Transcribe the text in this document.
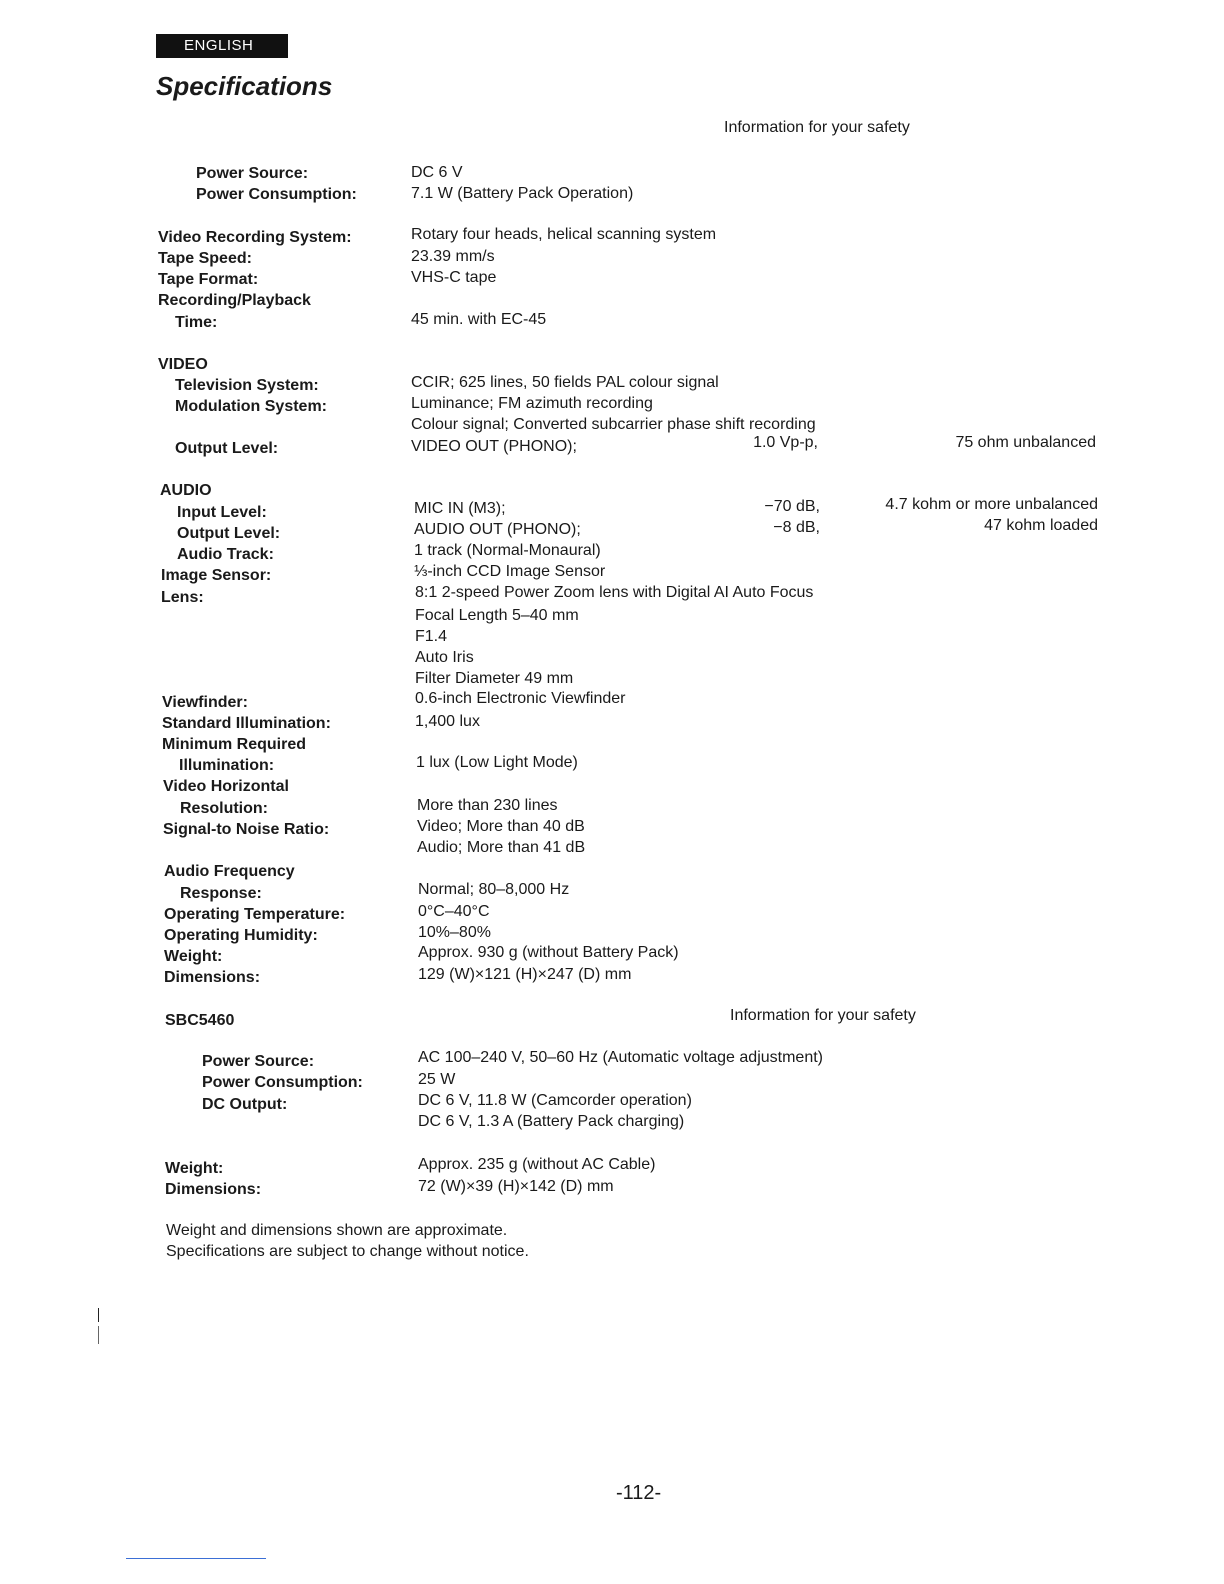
ENGLISH
Specifications
Information for your safety
Power Source:	DC 6 V
Power Consumption:	7.1 W (Battery Pack Operation)
Video Recording System:	Rotary four heads, helical scanning system
Tape Speed:	23.39 mm/s
Tape Format:	VHS-C tape
Recording/Playback
Time:	45 min. with EC-45
VIDEO
Television System:	CCIR; 625 lines, 50 fields PAL colour signal
Modulation System:	Luminance; FM azimuth recording
Colour signal; Converted subcarrier phase shift recording
Output Level:	VIDEO OUT (PHONO);	1.0 Vp-p,	75 ohm unbalanced
AUDIO
Input Level:	MIC IN (M3);	−70 dB,	4.7 kohm or more unbalanced
Output Level:	AUDIO OUT (PHONO);	−8 dB,	47 kohm loaded
Audio Track:	1 track (Normal-Monaural)
Image Sensor:	⅓-inch CCD Image Sensor
Lens:	8:1 2-speed Power Zoom lens with Digital AI Auto Focus
Focal Length 5–40 mm
F1.4
Auto Iris
Filter Diameter 49 mm
Viewfinder:	0.6-inch Electronic Viewfinder
Standard Illumination:	1,400 lux
Minimum Required
Illumination:	1 lux (Low Light Mode)
Video Horizontal
Resolution:	More than 230 lines
Signal-to Noise Ratio:	Video; More than 40 dB
Audio; More than 41 dB
Audio Frequency
Response:	Normal; 80–8,000 Hz
Operating Temperature:	0°C–40°C
Operating Humidity:	10%–80%
Weight:	Approx. 930 g (without Battery Pack)
Dimensions:	129 (W)×121 (H)×247 (D) mm
SBC5460	Information for your safety
Power Source:	AC 100–240 V, 50–60 Hz (Automatic voltage adjustment)
Power Consumption:	25 W
DC Output:	DC 6 V, 11.8 W (Camcorder operation)
DC 6 V, 1.3 A (Battery Pack charging)
Weight:	Approx. 235 g (without AC Cable)
Dimensions:	72 (W)×39 (H)×142 (D) mm
Weight and dimensions shown are approximate.
Specifications are subject to change without notice.
-112-
